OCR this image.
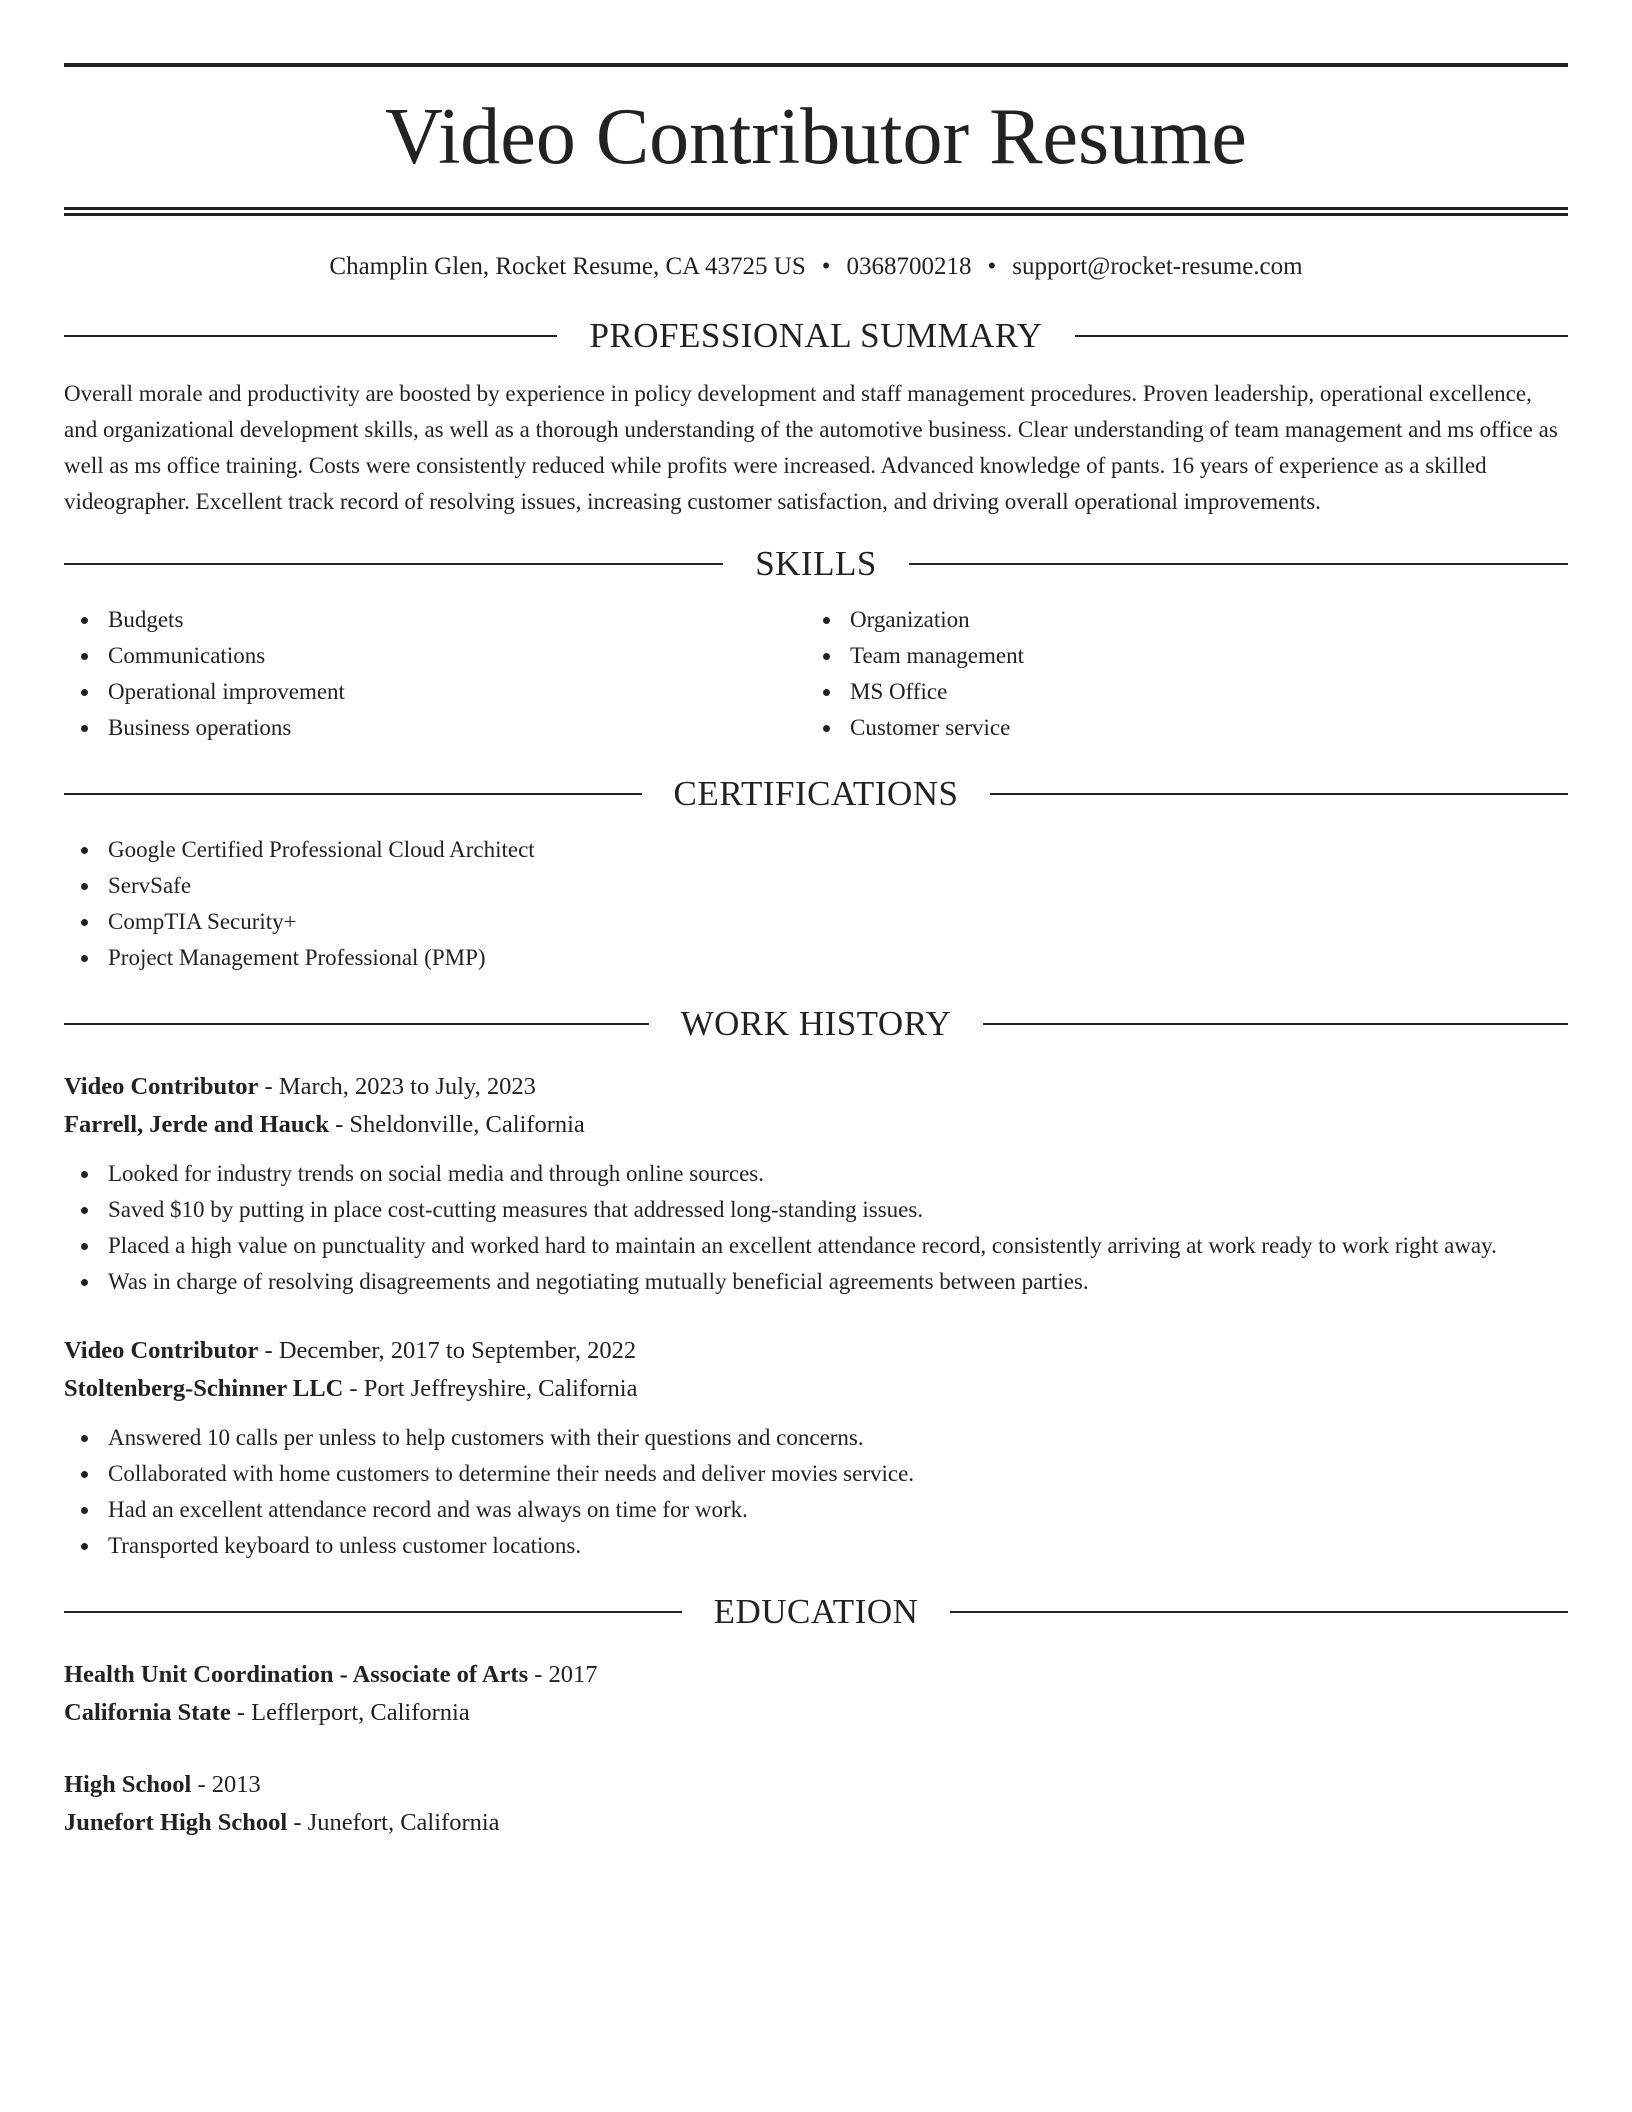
Video Contributor Resume
Champlin Glen, Rocket Resume, CA 43725 US • 0368700218 • support@rocket-resume.com
PROFESSIONAL SUMMARY

Overall morale and productivity are boosted by experience in policy development and staff management procedures. Proven leadership, operational excellence, and organizational development skills, as well as a thorough understanding of the automotive business. Clear understanding of team management and ms office as well as ms office training. Costs were consistently reduced while profits were increased. Advanced knowledge of pants. 16 years of experience as a skilled videographer. Excellent track record of resolving issues, increasing customer satisfaction, and driving overall operational improvements.

SKILLS
Budgets
Communications
Operational improvement
Business operations
Organization
Team management
MS Office
Customer service
CERTIFICATIONS
Google Certified Professional Cloud Architect
ServSafe
CompTIA Security+
Project Management Professional (PMP)
WORK HISTORY
Video Contributor - March, 2023 to July, 2023
Farrell, Jerde and Hauck - Sheldonville, California
Looked for industry trends on social media and through online sources.
Saved $10 by putting in place cost-cutting measures that addressed long-standing issues.
Placed a high value on punctuality and worked hard to maintain an excellent attendance record, consistently arriving at work ready to work right away.
Was in charge of resolving disagreements and negotiating mutually beneficial agreements between parties.
Video Contributor - December, 2017 to September, 2022
Stoltenberg-Schinner LLC - Port Jeffreyshire, California
Answered 10 calls per unless to help customers with their questions and concerns.
Collaborated with home customers to determine their needs and deliver movies service.
Had an excellent attendance record and was always on time for work.
Transported keyboard to unless customer locations.
EDUCATION
Health Unit Coordination - Associate of Arts - 2017
California State - Lefflerport, California
High School - 2013
Junefort High School - Junefort, California
